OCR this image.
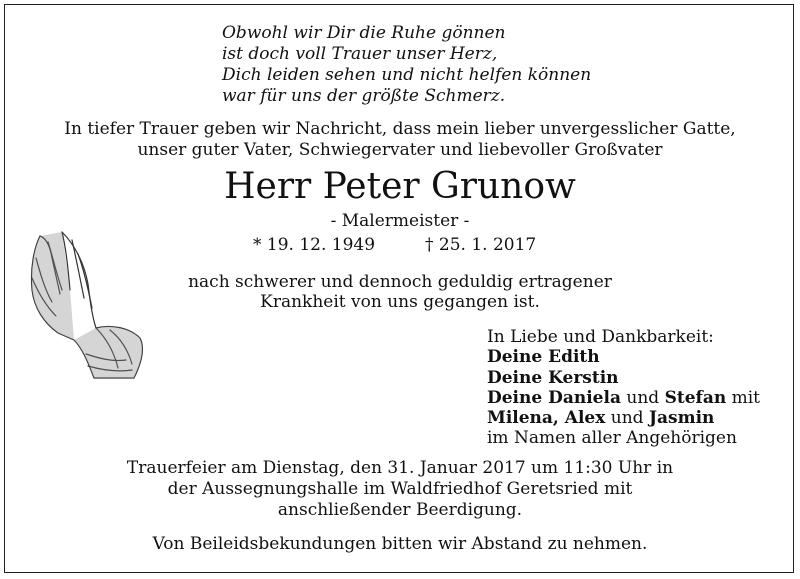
Obwohl wir Dir die Ruhe gönnen
ist doch voll Trauer unser Herz,
Dich leiden sehen und nicht helfen können
war für uns der größte Schmerz.
In tiefer Trauer geben wir Nachricht, dass mein lieber unvergesslicher Gatte,
unser guter Vater, Schwiegervater und liebevoller Großvater
Herr Peter Grunow
- Malermeister -
* 19. 12. 1949	† 25. 1. 2017
nach schwerer und dennoch geduldig ertragener
Krankheit von uns gegangen ist.
In Liebe und Dankbarkeit:
Deine Edith
Deine Kerstin
Deine Daniela und Stefan mit
Milena, Alex und Jasmin
im Namen aller Angehörigen
Trauerfeier am Dienstag, den 31. Januar 2017 um 11:30 Uhr in
der Aussegnungshalle im Waldfriedhof Geretsried mit
anschließender Beerdigung.
Von Beileidsbekundungen bitten wir Abstand zu nehmen.
